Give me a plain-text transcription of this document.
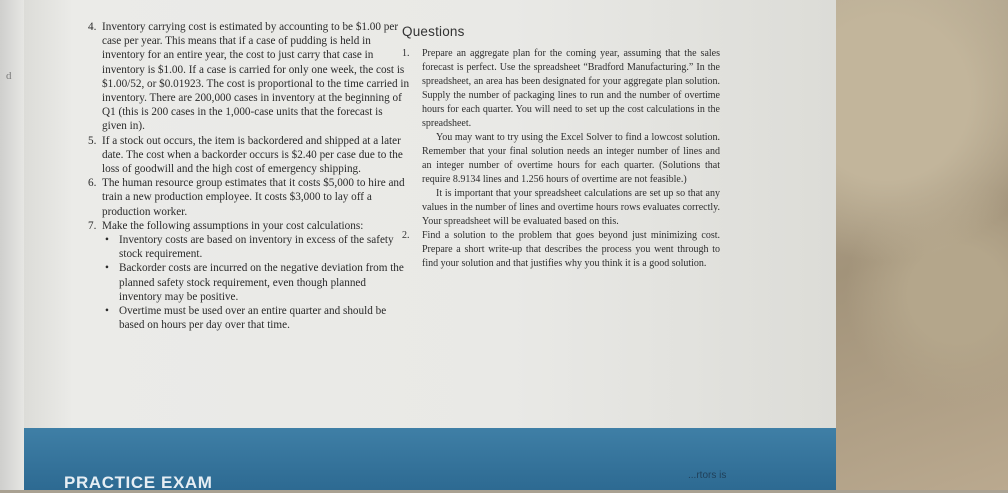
d
4. Inventory carrying cost is estimated by accounting to be $1.00 per case per year. This means that if a case of pudding is held in inventory for an entire year, the cost to just carry that case in inventory is $1.00. If a case is carried for only one week, the cost is $1.00/52, or $0.01923. The cost is proportional to the time carried in inventory. There are 200,000 cases in inventory at the beginning of Q1 (this is 200 cases in the 1,000-case units that the forecast is given in).
5. If a stock out occurs, the item is backordered and shipped at a later date. The cost when a backorder occurs is $2.40 per case due to the loss of goodwill and the high cost of emergency shipping.
6. The human resource group estimates that it costs $5,000 to hire and train a new production employee. It costs $3,000 to lay off a production worker.
7. Make the following assumptions in your cost calculations:
• Inventory costs are based on inventory in excess of the safety stock requirement.
• Backorder costs are incurred on the negative deviation from the planned safety stock requirement, even though planned inventory may be positive.
• Overtime must be used over an entire quarter and should be based on hours per day over that time.
Questions
1. Prepare an aggregate plan for the coming year, assuming that the sales forecast is perfect. Use the spreadsheet “Bradford Manufacturing.” In the spreadsheet, an area has been designated for your aggregate plan solution. Supply the number of packaging lines to run and the number of overtime hours for each quarter. You will need to set up the cost calculations in the spreadsheet.

You may want to try using the Excel Solver to find a lowcost solution. Remember that your final solution needs an integer number of lines and an integer number of overtime hours for each quarter. (Solutions that require 8.9134 lines and 1.256 hours of overtime are not feasible.)

It is important that your spreadsheet calculations are set up so that any values in the number of lines and overtime hours rows evaluates correctly. Your spreadsheet will be evaluated based on this.

2. Find a solution to the problem that goes beyond just minimizing cost. Prepare a short write-up that describes the process you went through to find your solution and that justifies why you think it is a good solution.

PRACTICE EXAM	...rtors is
